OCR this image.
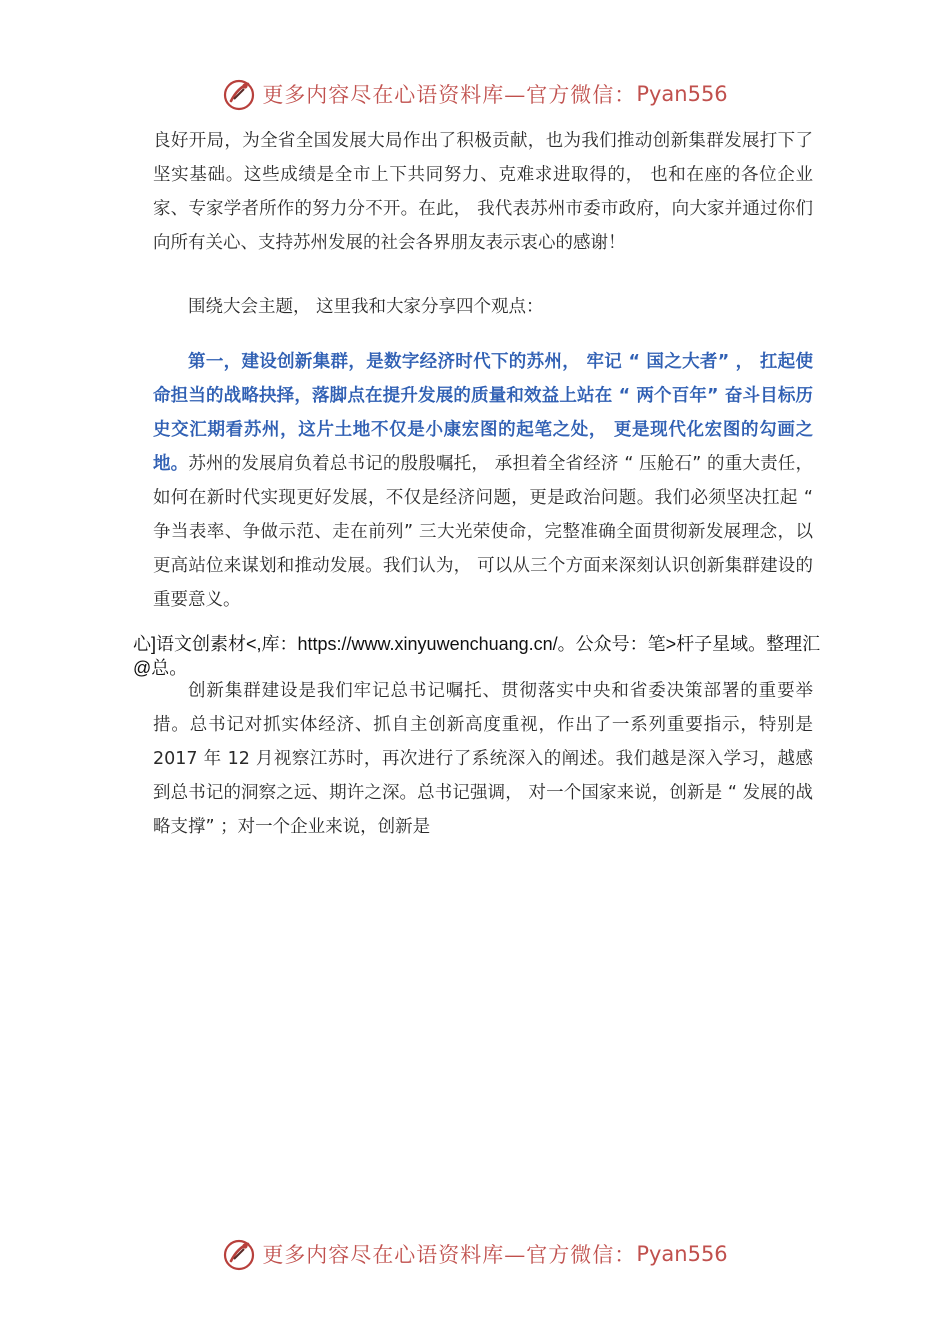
更多内容尽在心语资料库—官方微信： Pyan556
良好开局，为全省全国发展大局作出了积极贡献，也为我们推动创新集群发展打下了坚实基础。这些成绩是全市上下共同努力、克难求进取得的， 也和在座的各位企业家、专家学者所作的努力分不开。在此， 我代表苏州市委市政府，向大家并通过你们向所有关心、支持苏州发展的社会各界朋友表示衷心的感谢！
围绕大会主题， 这里我和大家分享四个观点：
第一，建设创新集群，是数字经济时代下的苏州， 牢记 “ 国之大者” ， 扛起使命担当的战略抉择，落脚点在提升发展的质量和效益上站在 “ 两个百年” 奋斗目标历史交汇期看苏州，这片土地不仅是小康宏图的起笔之处， 更是现代化宏图的勾画之地。苏州的发展肩负着总书记的殷殷嘱托， 承担着全省经济 “ 压舱石” 的重大责任，如何在新时代实现更好发展，不仅是经济问题，更是政治问题。我们必须坚决扛起 “ 争当表率、争做示范、走在前列” 三大光荣使命，完整准确全面贯彻新发展理念，以更高站位来谋划和推动发展。我们认为， 可以从三个方面来深刻认识创新集群建设的重要意义。
心]语文创素材<,库：https://www.xinyuwenchuang.cn/。公众号：笔>杆子星域。整理汇@总。
创新集群建设是我们牢记总书记嘱托、贯彻落实中央和省委决策部署的重要举措。总书记对抓实体经济、抓自主创新高度重视，作出了一系列重要指示，特别是 2017 年 12 月视察江苏时，再次进行了系统深入的阐述。我们越是深入学习，越感到总书记的洞察之远、期许之深。总书记强调， 对一个国家来说，创新是 “ 发展的战略支撑” ；对一个企业来说，创新是
更多内容尽在心语资料库—官方微信： Pyan556
